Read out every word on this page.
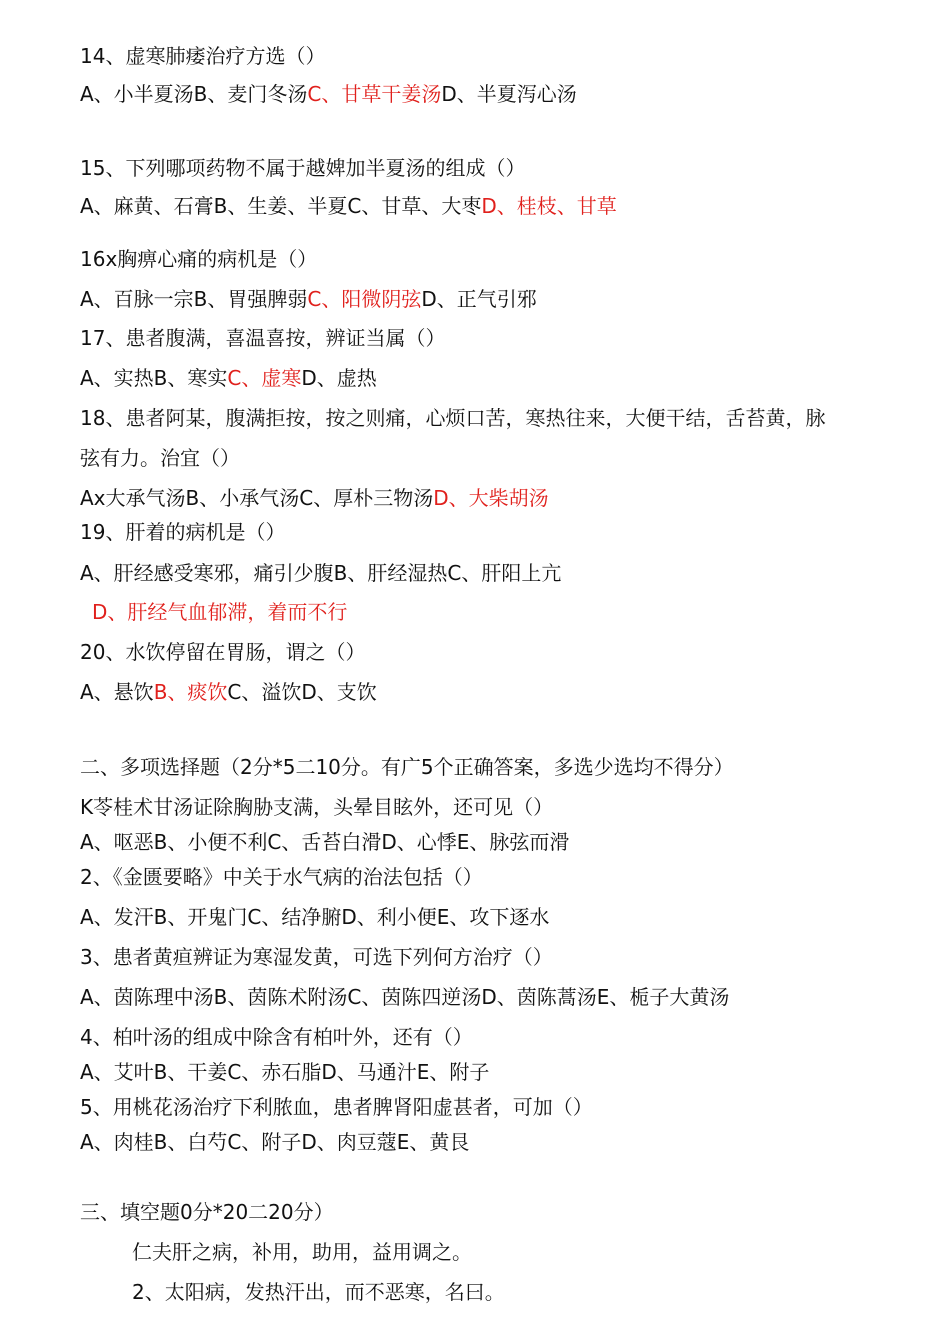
14、虚寒肺痿治疗方选（）
A、小半夏汤B、麦门冬汤C、甘草干姜汤D、半夏泻心汤
15、下列哪项药物不属于越婢加半夏汤的组成（）
A、麻黄、石膏B、生姜、半夏C、甘草、大枣D、桂枝、甘草
16x胸痹心痛的病机是（）
A、百脉一宗B、胃强脾弱C、阳微阴弦D、正气引邪
17、患者腹满，喜温喜按，辨证当属（）
A、实热B、寒实C、虚寒D、虚热
18、患者阿某，腹满拒按，按之则痛，心烦口苦，寒热往来，大便干结，舌苔黄，脉
弦有力。治宜（）
Ax大承气汤B、小承气汤C、厚朴三物汤D、大柴胡汤
19、肝着的病机是（）
A、肝经感受寒邪，痛引少腹B、肝经湿热C、肝阳上亢
D、肝经气血郁滞，着而不行
20、水饮停留在胃肠，谓之（）
A、悬饮B、痰饮C、溢饮D、支饮
二、多项选择题（2分*5二10分。有广5个正确答案，多选少选均不得分）
K苓桂术甘汤证除胸胁支满，头晕目眩外，还可见（）
A、呕恶B、小便不利C、舌苔白滑D、心悸E、脉弦而滑
2、《金匮要略》中关于水气病的治法包括（）
A、发汗B、开鬼门C、结净腑D、利小便E、攻下逐水
3、患者黄疸辨证为寒湿发黄，可选下列何方治疗（）
A、茵陈理中汤B、茵陈术附汤C、茵陈四逆汤D、茵陈蒿汤E、栀子大黄汤
4、柏叶汤的组成中除含有柏叶外，还有（）
A、艾叶B、干姜C、赤石脂D、马通汁E、附子
5、用桃花汤治疗下利脓血，患者脾肾阳虚甚者，可加（）
A、肉桂B、白芍C、附子D、肉豆蔻E、黄艮
三、填空题0分*20二20分）
仁夫肝之病，补用，助用，益用调之。
2、太阳病，发热汗出，而不恶寒，名曰。
